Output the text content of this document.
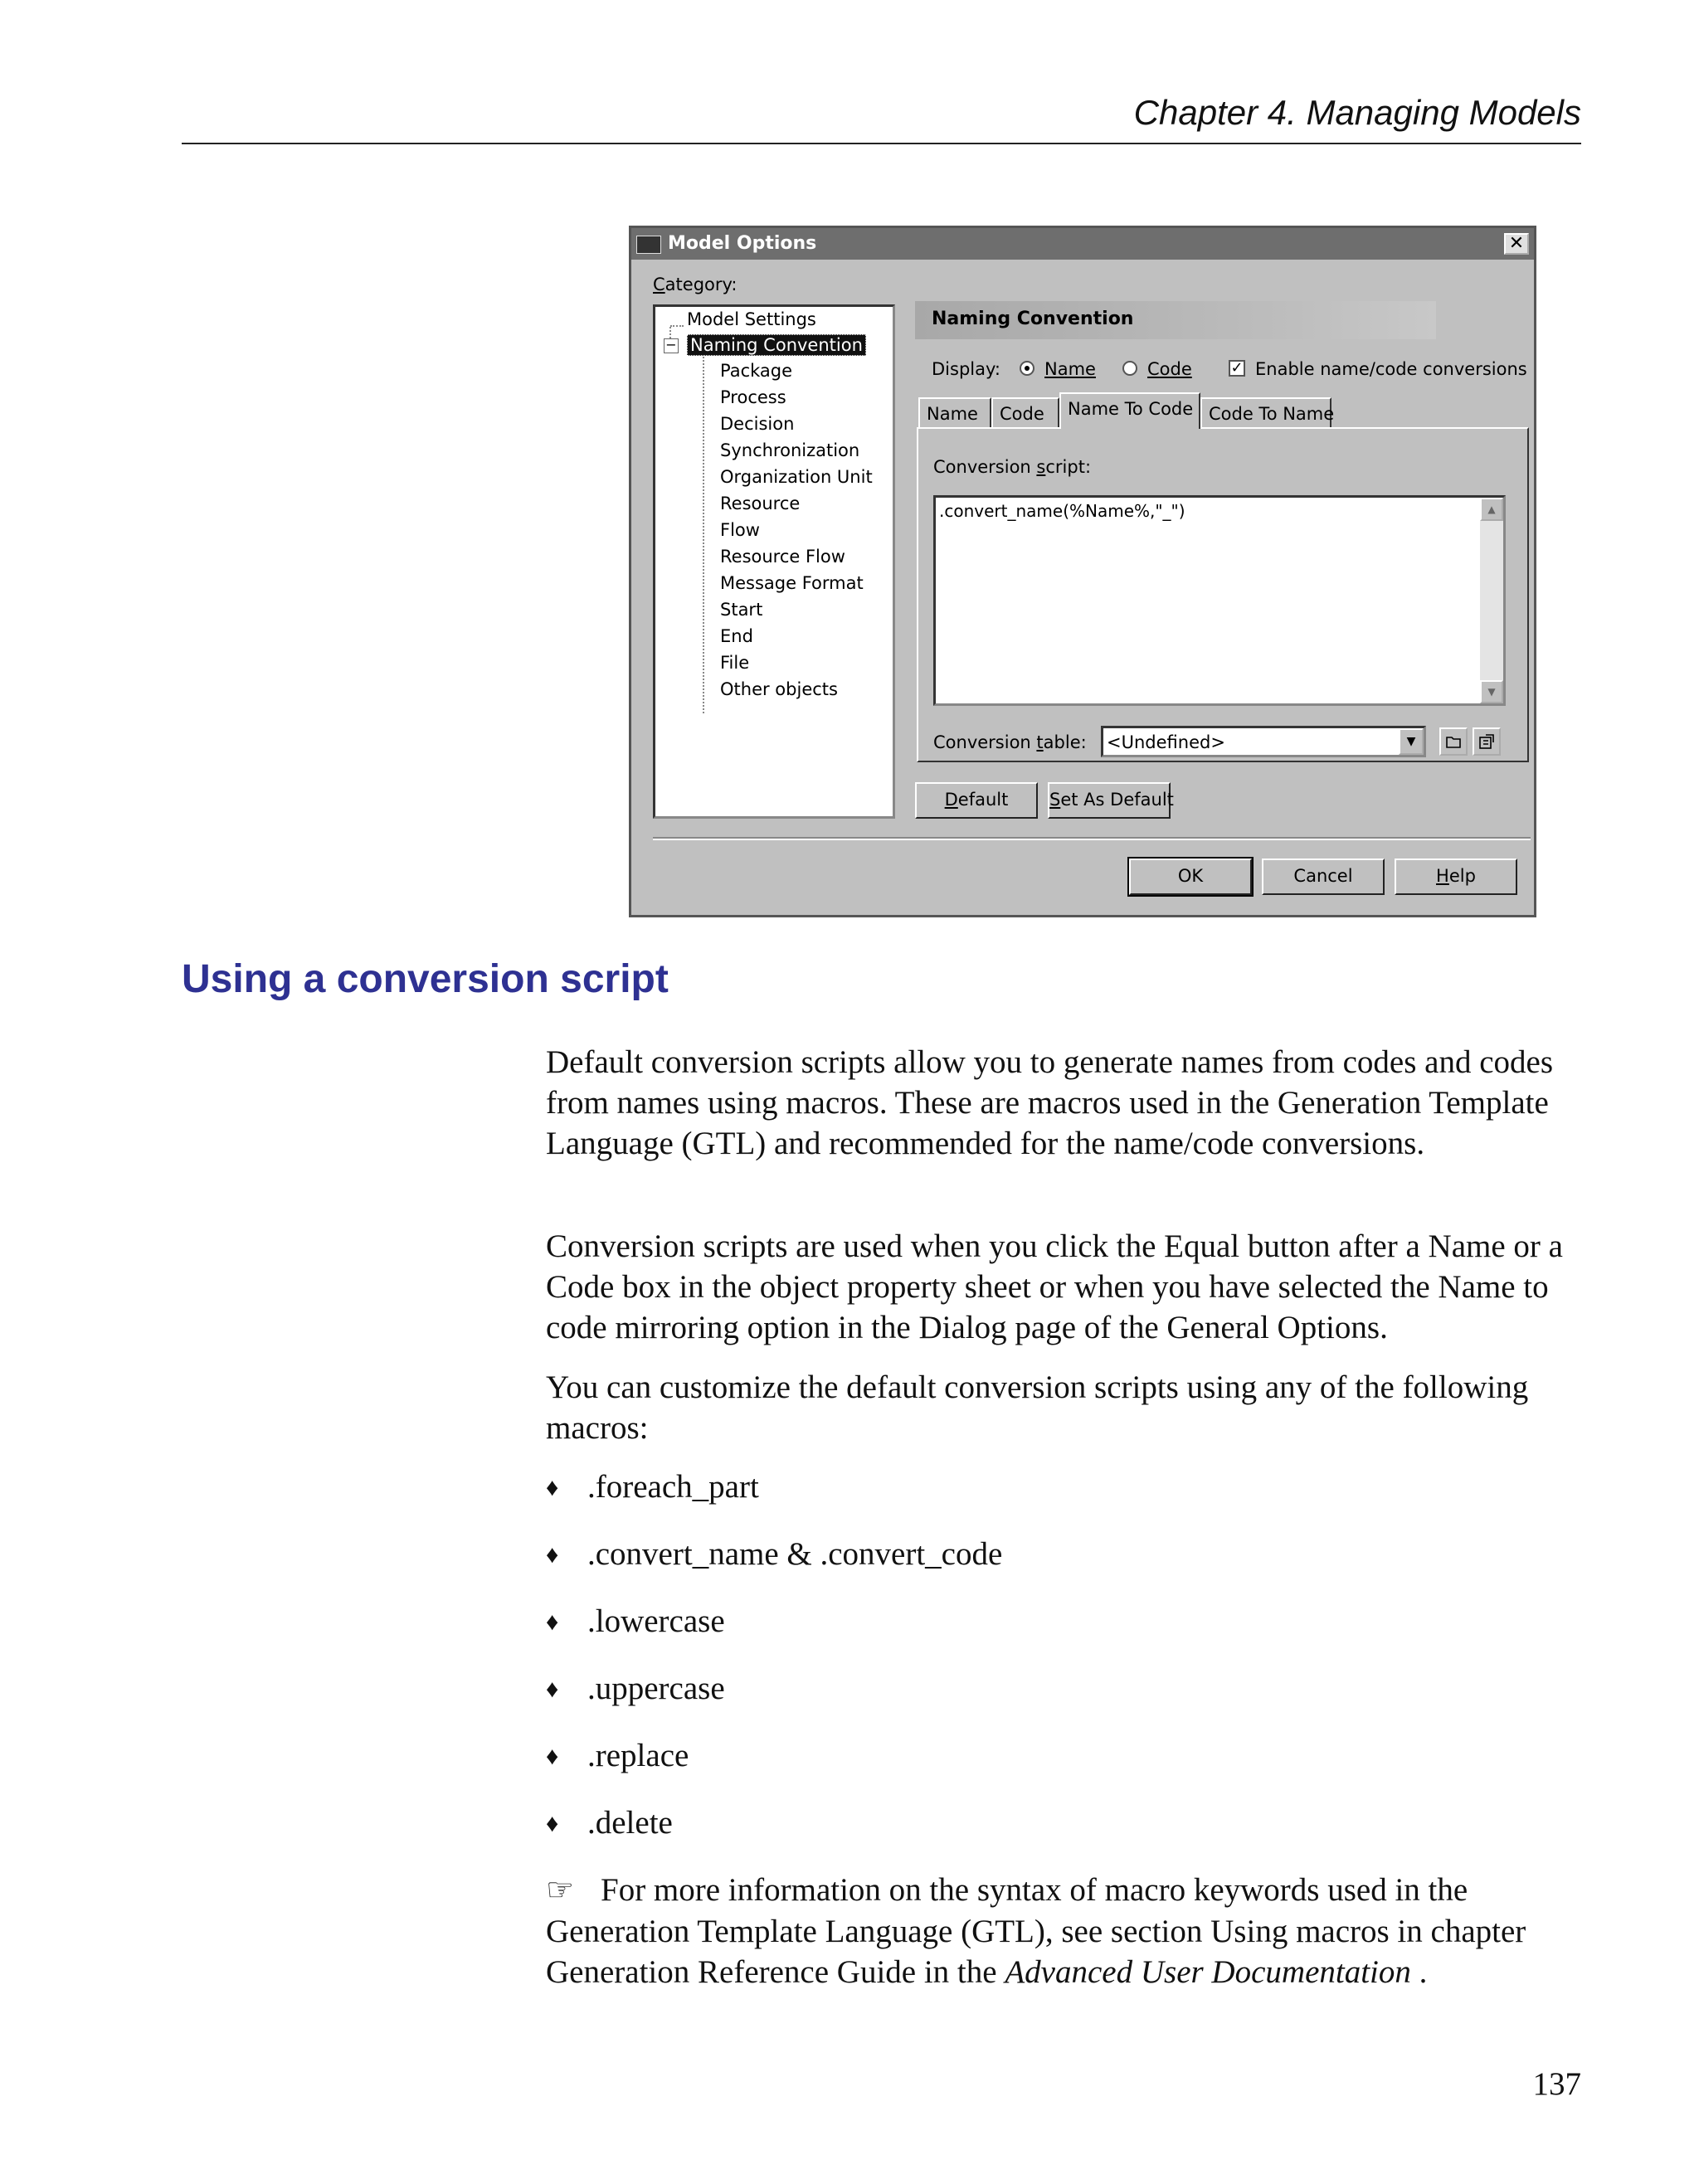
Chapter 4. Managing Models
Model Options	✕
Category:
−
Model Settings
Naming Convention
Package
Process
Decision
Synchronization
Organization Unit
Resource
Flow
Resource Flow
Message Format
Start
End
File
Other objects
Naming Convention
Display:	Name	Code	✓ Enable name/code conversions
Name	Code	Name To Code Code To Name
Conversion script:
.convert_name(%Name%,"_")	▲
▼
Conversion table: <Undefined>	▼
Default	Set As Default
OK	Cancel	Help
Using a conversion script

Default conversion scripts allow you to generate names from codes and codes from names using macros. These are macros used in the Generation Template Language (GTL) and recommended for the name/code conversions.

Conversion scripts are used when you click the Equal button after a Name or a Code box in the object property sheet or when you have selected the Name to code mirroring option in the Dialog page of the General Options.

You can customize the default conversion scripts using any of the following macros:

♦ .foreach_part
♦ .convert_name & .convert_code
♦ .lowercase
♦ .uppercase
♦ .replace
♦ .delete

☞ For more information on the syntax of macro keywords used in the Generation Template Language (GTL), see section Using macros in chapter Generation Reference Guide in the Advanced User Documentation .

137
